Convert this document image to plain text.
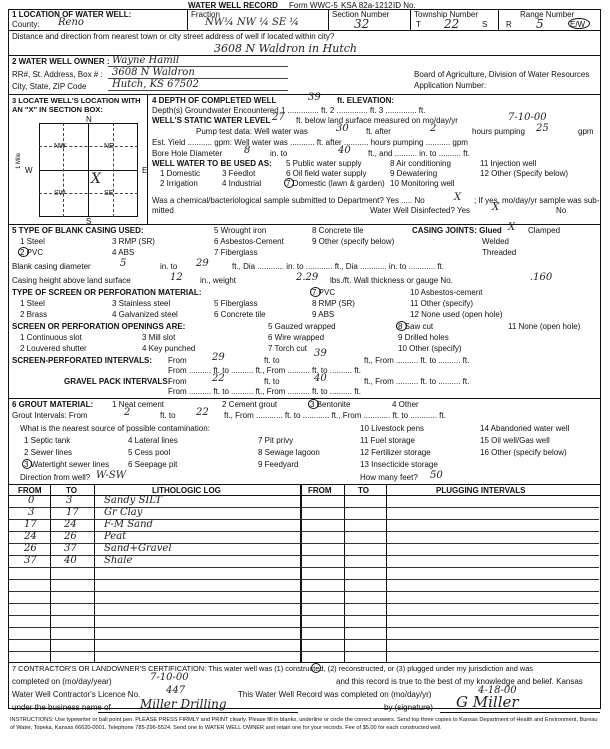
WATER WELL RECORD Form WWC-5 KSA 82a-1212 ID No.
1 LOCATION OF WATER WELL:
County: Reno
Fraction
NW¼ NW ¼ SE ¼
Section Number
32
Township Number
T 22	S
Range Number
R 5	E/W
Distance and direction from nearest town or city street address of well if located within city?
3608 N Waldron in Hutch
2 WATER WELL OWNER : Wayne Hamil
RR#, St. Address, Box # : 3608 N Waldron
City, State, ZIP Code	Hutch, KS 67502
Board of Agriculture, Division of Water Resources
Application Number:
3 LOCATE WELL'S LOCATION WITH AN "X" IN SECTION BOX:
N
S
E
W
NW	NE
SW	SE
1 Mile
X
4 DEPTH OF COMPLETED WELL	39 ft. ELEVATION:
Depth(s) Groundwater Encountered 1 .............. ft. 2 .............. ft. 3 .............. ft.
WELL'S STATIC WATER LEVEL 27 ft. below land surface measured on mo/day/yr	7-10-00
Pump test data: Well water was	30 ft. after	2	hours pumping 25	gpm
Est. Yield ........... gpm: Well water was ........... ft. after ........... hours pumping ........... gpm
Bore Hole Diameter 8 in. to	40 ft., and .......... in. to .......... ft.
WELL WATER TO BE USED AS: 5 Public water supply	8 Air conditioning	11 Injection well
1 Domestic	3 Feedlot	6 Oil field water supply	9 Dewatering	12 Other (Specify below)
2 Irrigation	4 Industrial	7 Domestic (lawn & garden) 10 Monitoring well
Was a chemical/bacteriological sample submitted to Department? Yes ..... No	X ; If yes, mo/day/yr sample was sub-
mitted	Water Well Disinfected? Yes X	No
5 TYPE OF BLANK CASING USED:
1 Steel	3 RMP (SR)
5 Wrought iron
6 Asbestos-Cement
8 Concrete tile
9 Other (specify below)
2 PVC	4 ABS	7 Fiberglass
CASING JOINTS: Glued X Clamped
Welded
Threaded
Blank casing diameter	5	in. to 29	ft., Dia ............ in. to ............ ft., Dia ............ in. to ............ ft.
Casing height above land surface	12 in., weight	2.29 lbs./ft. Wall thickness or gauge No.	.160
TYPE OF SCREEN OR PERFORATION MATERIAL:
1 Steel	3 Stainless steel	5 Fiberglass
7 PVC	10 Asbestos-cement
8 RMP (SR)	11 Other (specify)
2 Brass	4 Galvanized steel	6 Concrete tile	9 ABS	12 None used (open hole)
SCREEN OR PERFORATION OPENINGS ARE:	5 Gauzed wrapped	8 Saw cut	11 None (open hole)
1 Continuous slot	3 Mill slot	6 Wire wrapped	9 Drilled holes
2 Louvered shutter	4 Key punched	7 Torch cut	10 Other (specify)
SCREEN-PERFORATED INTERVALS: From	29	ft. to
39
ft., From .......... ft. to .......... ft.
From .......... ft. to .......... ft., From .......... ft. to .......... ft.
GRAVEL PACK INTERVALS:
From	22	ft. to	40	ft., From .......... ft. to .......... ft.
From .......... ft. to .......... ft., From .......... ft. to .......... ft.
6 GROUT MATERIAL: 1 Neat cement	2 Cement grout	3 Bentonite	4 Other
Grout Intervals: From	2	ft. to 22 ft., From ............ ft. to ............ ft., From ............ ft. to ............ ft.
What is the nearest source of possible contamination:	10 Livestock pens	14 Abandoned water well
1 Septic tank	4 Lateral lines	7 Pit privy	11 Fuel storage	15 Oil well/Gas well
2 Sewer lines	5 Cess pool	8 Sewage lagoon	12 Fertilizer storage	16 Other (specify below)
3 Watertight sewer lines 6 Seepage pit	9 Feedyard	13 Insecticide storage
Direction from well? W-SW	How many feet? 50
FROM	TO	LITHOLOGIC LOG	FROM	TO	PLUGGING INTERVALS
0	3	Sandy SILT
3	17	Gr Clay
17	24	F-M Sand
24	26	Peat
26	37	Sand+Gravel
37	40	Shale
7 CONTRACTOR'S OR LANDOWNER'S CERTIFICATION: This water well was (1) constructed, (2) reconstructed, or (3) plugged under my jurisdiction and was
completed on (mo/day/year)	7-10-00	and this record is true to the best of my knowledge and belief. Kansas
Water Well Contractor's Licence No.	447	This Water Well Record was completed on (mo/day/yr)	4-18-00
under the business name of Miller Drilling	by (signature) G Miller
INSTRUCTIONS: Use typewriter or ball point pen. PLEASE PRESS FIRMLY and PRINT clearly. Please fill in blanks, underline or circle the correct answers. Send top three copies to Kansas Department of Health and Environment, Bureau of Water, Topeka, Kansas 66620-0001. Telephone 785-296-5524. Send one to WATER WELL OWNER and retain one for your records. Fee of $5.00 for each constructed well.
